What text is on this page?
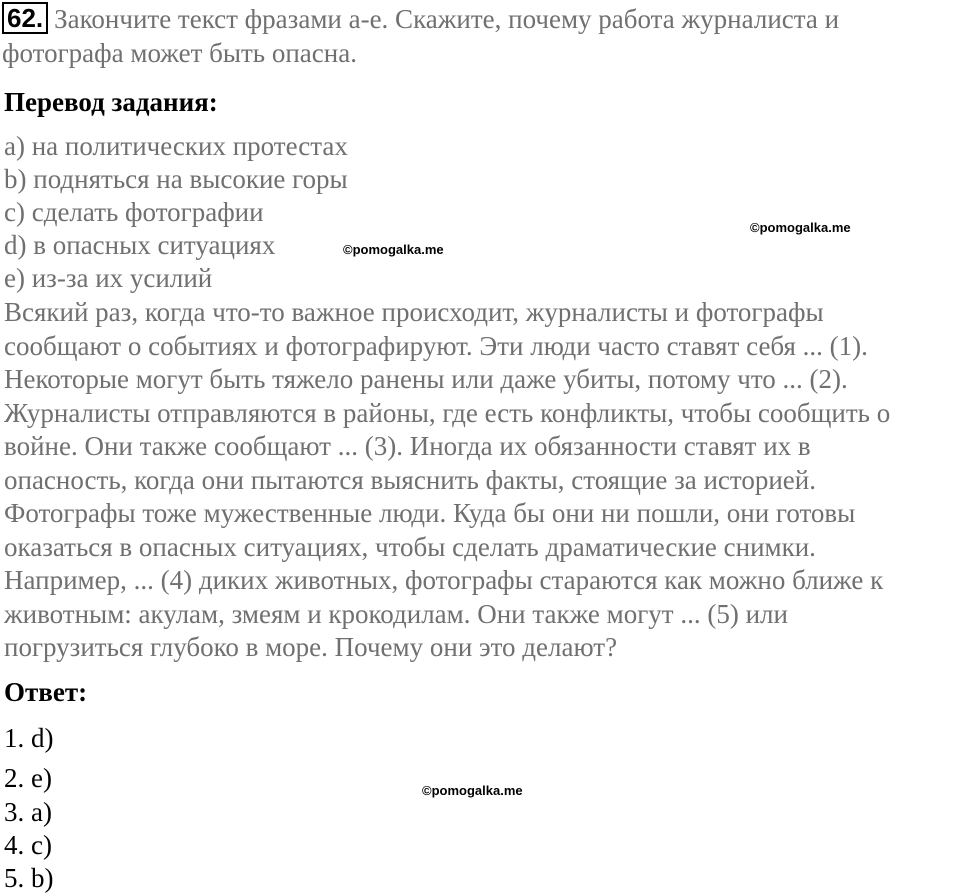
62. Закончите текст фразами a-e. Скажите, почему работа журналиста и
фотографа может быть опасна.
Перевод задания:
a) на политических протестах
b) подняться на высокие горы
c) сделать фотографии
d) в опасных ситуациях
e) из-за их усилий
Всякий раз, когда что-то важное происходит, журналисты и фотографы
сообщают о событиях и фотографируют. Эти люди часто ставят себя ... (1).
Некоторые могут быть тяжело ранены или даже убиты, потому что ... (2).
Журналисты отправляются в районы, где есть конфликты, чтобы сообщить о
войне. Они также сообщают ... (3). Иногда их обязанности ставят их в
опасность, когда они пытаются выяснить факты, стоящие за историей.
Фотографы тоже мужественные люди. Куда бы они ни пошли, они готовы
оказаться в опасных ситуациях, чтобы сделать драматические снимки.
Например, ... (4) диких животных, фотографы стараются как можно ближе к
животным: акулам, змеям и крокодилам. Они также могут ... (5) или
погрузиться глубоко в море. Почему они это делают?
Ответ:
1. d)
2. e)
3. a)
4. c)
5. b)
©pomogalka.me
©pomogalka.me
©pomogalka.me
